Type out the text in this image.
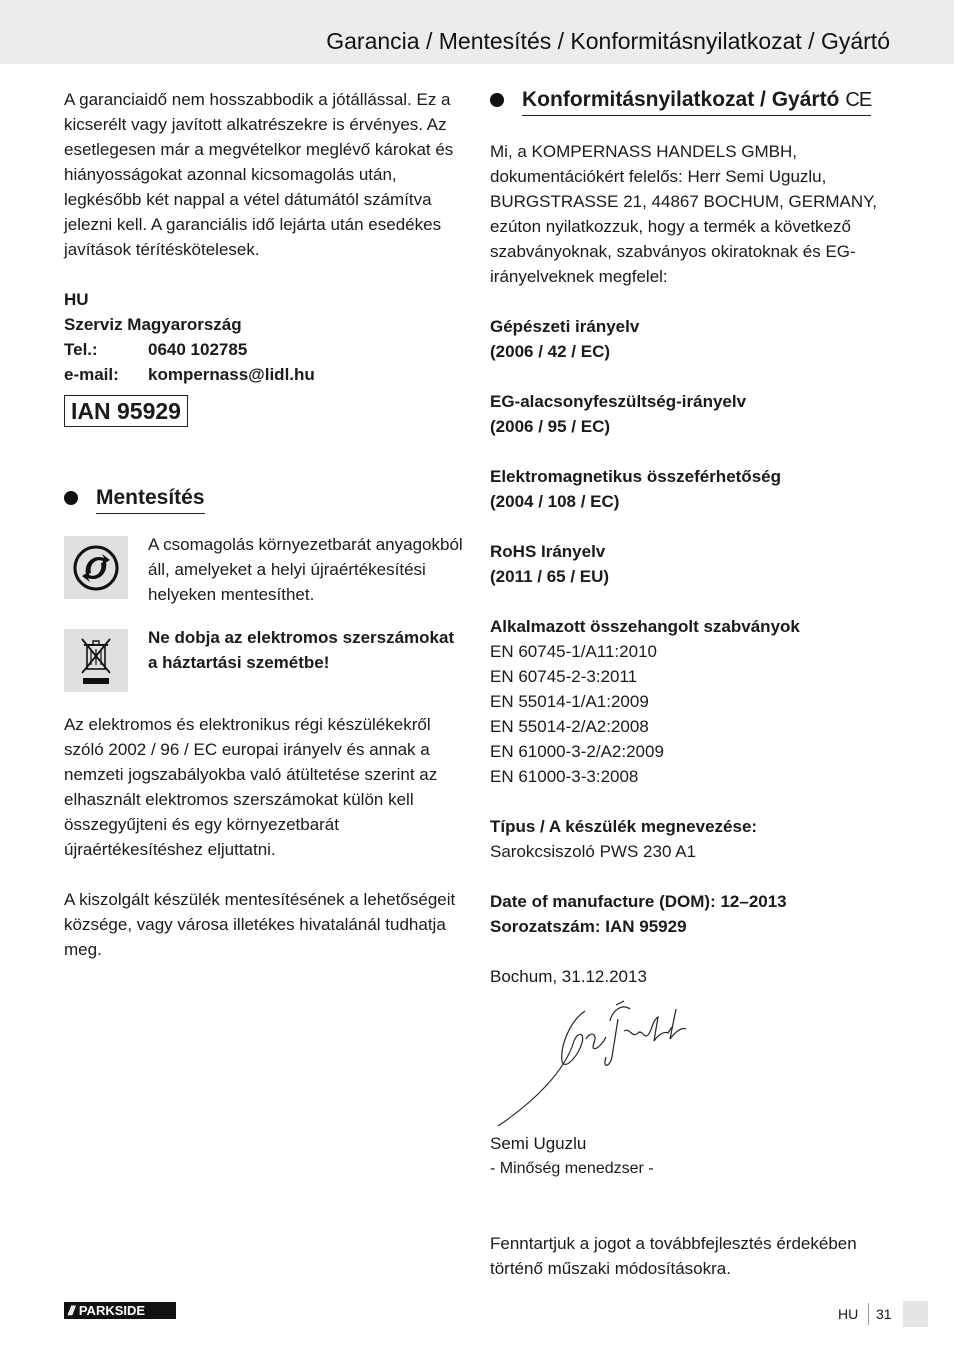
Garancia / Mentesítés / Konformitásnyilatkozat / Gyártó

A garanciaidő nem hosszabbodik a jótállással. Ez a kicserélt vagy javított alkatrészekre is érvényes. Az esetlegesen már a megvételkor meglévő károkat és hiányosságokat azonnal kicsomagolás után, legkésőbb két nappal a vétel dátumától számítva jelezni kell. A garanciális idő lejárta után esedékes javítások térítéskötelesek.

HU
Szerviz Magyarország
Tel.:	0640 102785
e-mail:	kompernass@lidl.hu
IAN 95929
Mentesítés

A csomagolás környezetbarát anyagokból áll, amelyeket a helyi újraértékesítési helyeken mentesíthet.

Ne dobja az elektromos szerszámokat a háztartási szemétbe!

Az elektromos és elektronikus régi készülékekről szóló 2002 / 96 / EC europai irányelv és annak a nemzeti jogszabályokba való átültetése szerint az elhasznált elektromos szerszámokat külön kell összegyűjteni és egy környezetbarát újraértékesítéshez eljuttatni.

A kiszolgált készülék mentesítésének a lehetőségeit községe, vagy városa illetékes hivatalánál tudhatja meg.

Konformitásnyilatkozat / Gyártó CE

Mi, a KOMPERNASS HANDELS GMBH, dokumentációkért felelős: Herr Semi Uguzlu, BURGSTRASSE 21, 44867 BOCHUM, GERMANY, ezúton nyilatkozzuk, hogy a termék a következő szabványoknak, szabványos okiratoknak és EG-irányelveknek megfelel:

Gépészeti irányelv

(2006 / 42 / EC)

EG-alacsonyfeszültség-irányelv

(2006 / 95 / EC)

Elektromagnetikus összeférhetőség

(2004 / 108 / EC)

RoHS Irányelv

(2011 / 65 / EU)

Alkalmazott összehangolt szabványok

EN 60745-1/A11:2010

EN 60745-2-3:2011

EN 55014-1/A1:2009

EN 55014-2/A2:2008

EN 61000-3-2/A2:2009

EN 61000-3-3:2008

Típus / A készülék megnevezése:

Sarokcsiszoló PWS 230 A1

Date of manufacture (DOM): 12–2013

Sorozatszám: IAN 95929

Bochum, 31.12.2013

Semi Uguzlu

- Minőség menedzser -

Fenntartjuk a jogot a továbbfejlesztés érdekében történő műszaki módosításokra.

/// PARKSIDE	HU 31
